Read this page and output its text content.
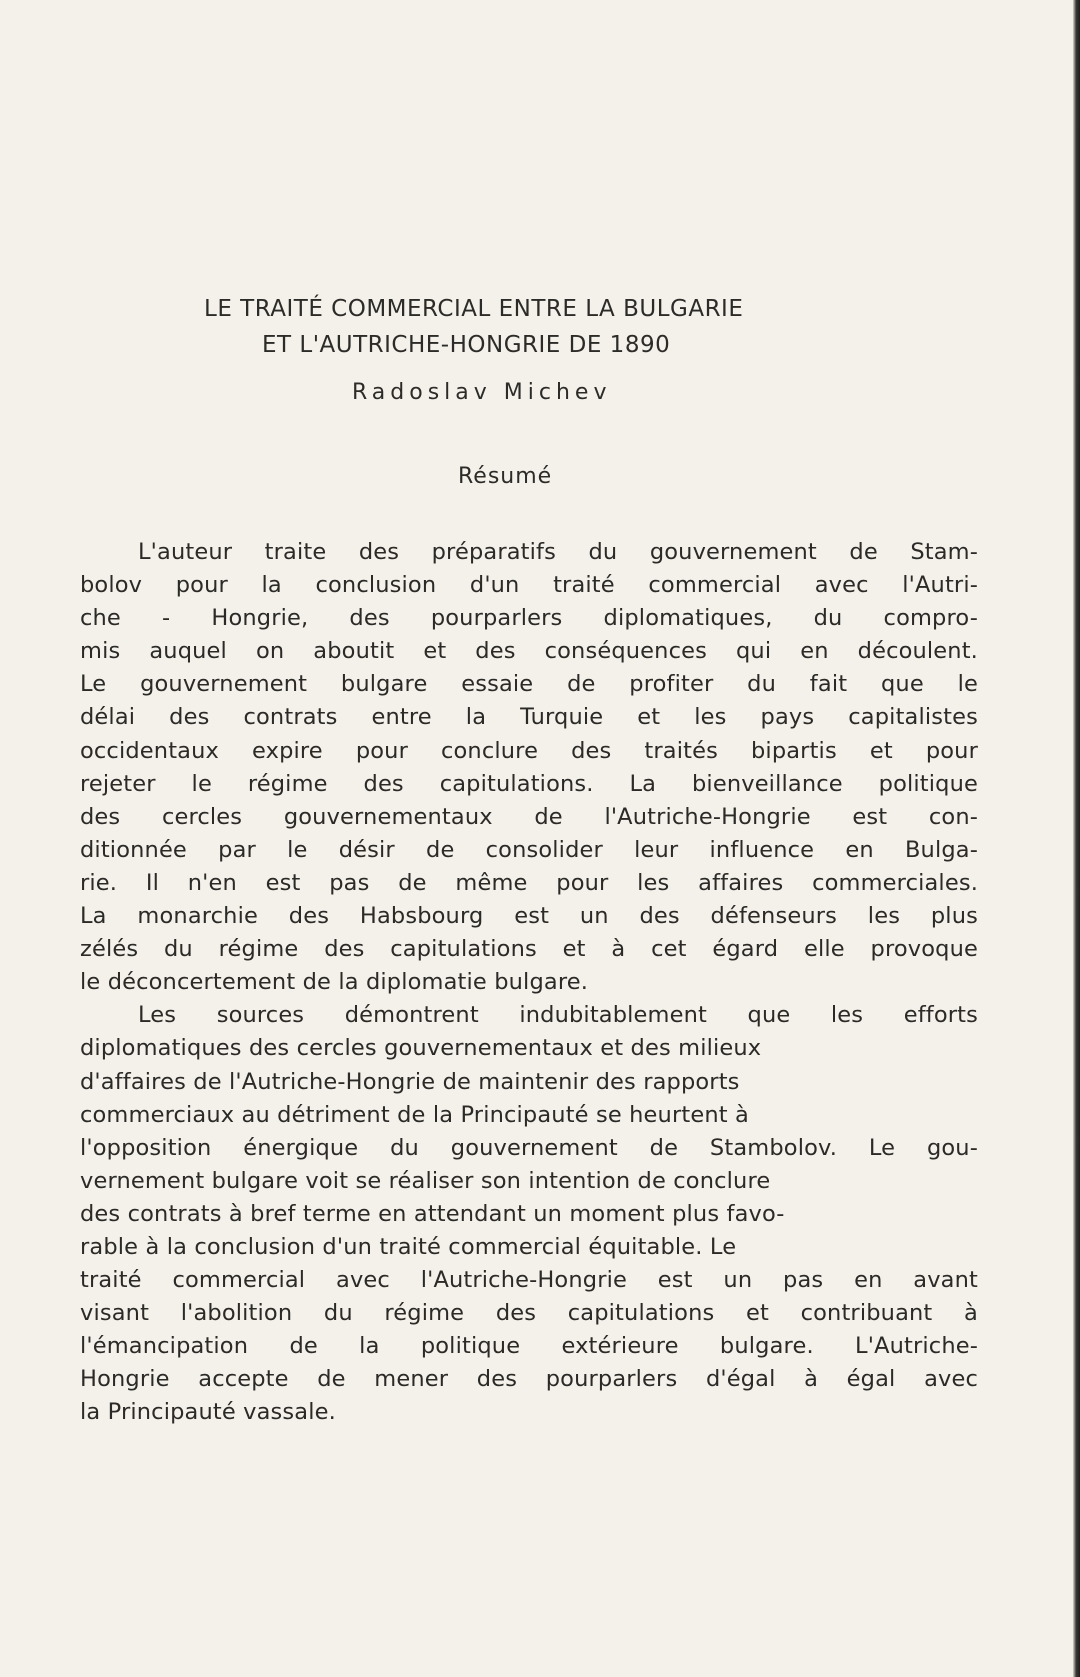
LE TRAITÉ COMMERCIAL ENTRE LA BULGARIE
ET L'AUTRICHE-HONGRIE DE 1890
Radoslav Michev
Résumé
L'auteur traite des préparatifs du gouvernement de Stam-
bolov pour la conclusion d'un traité commercial avec l'Autri-
che - Hongrie, des pourparlers diplomatiques, du compro-
mis auquel on aboutit et des conséquences qui en découlent.
Le gouvernement bulgare essaie de profiter du fait que le
délai des contrats entre la Turquie et les pays capitalistes
occidentaux expire pour conclure des traités bipartis et pour
rejeter le régime des capitulations. La bienveillance politique
des cercles gouvernementaux de l'Autriche-Hongrie est con-
ditionnée par le désir de consolider leur influence en Bulga-
rie. Il n'en est pas de même pour les affaires commerciales.
La monarchie des Habsbourg est un des défenseurs les plus
zélés du régime des capitulations et à cet égard elle provoque
le déconcertement de la diplomatie bulgare.
Les sources démontrent indubitablement que les efforts
diplomatiques des cercles gouvernementaux et des milieux
d'affaires de l'Autriche-Hongrie de maintenir des rapports
commerciaux au détriment de la Principauté se heurtent à
l'opposition énergique du gouvernement de Stambolov. Le gou-
vernement bulgare voit se réaliser son intention de conclure
des contrats à bref terme en attendant un moment plus favo-
rable à la conclusion d'un traité commercial équitable. Le
traité commercial avec l'Autriche-Hongrie est un pas en avant
visant l'abolition du régime des capitulations et contribuant à
l'émancipation de la politique extérieure bulgare. L'Autriche-
Hongrie accepte de mener des pourparlers d'égal à égal avec
la Principauté vassale.
